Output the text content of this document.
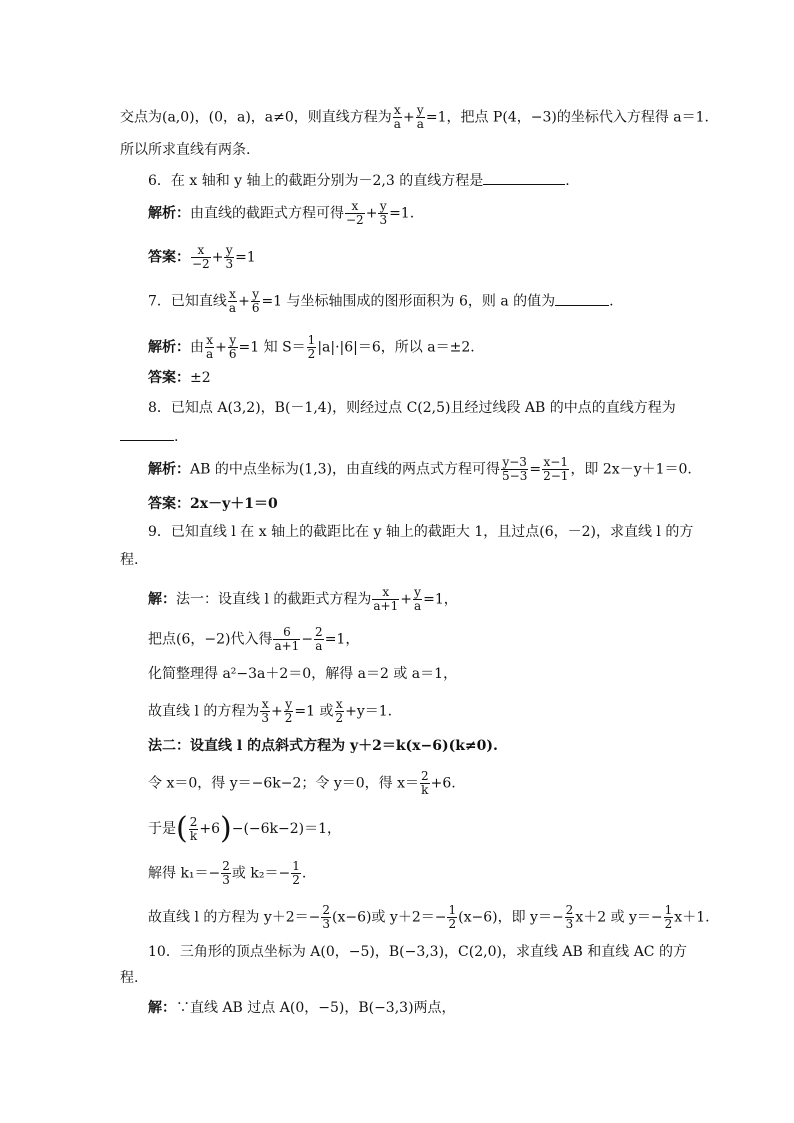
交点为(a,0)，(0，a)，a≠0，则直线方程为 $\frac{x}{a} + \frac{y}{a} =1$，把点 P(4，−3)的坐标代入方程得 a＝1.
所以所求直线有两条.
6．在 x 轴和 y 轴上的截距分别为－2,3 的直线方程是	.
解析：由直线的截距式方程可得 $\frac{x}{-2} + \frac{y}{3} =1$.
答案： $\frac{x}{-2} + \frac{y}{3} =1$
7．已知直线 $\frac{x}{a} + \frac{y}{6} =1$ 与坐标轴围成的图形面积为 6，则 a 的值为	.
解析：由 $\frac{x}{a} + \frac{y}{6} =1$ 知 $S= \frac{1}{2} |a|\cdot|6|=6$，所以 a＝±2.
答案：±2
8．已知点 A(3,2)，B(－1,4)，则经过点 C(2,5)且经过线段 AB 的中点的直线方程为
.
解析：AB 的中点坐标为(1,3)，由直线的两点式方程可得 $\frac{y-3}{5-3} = \frac{x-1}{2-1}$ ，即 2x－y＋1＝0.
答案：2x－y＋1＝0
9．已知直线 l 在 x 轴上的截距比在 y 轴上的截距大 1，且过点(6，－2)，求直线 l 的方
程.
解：法一：设直线 l 的截距式方程为 $\frac{x}{a+1} + \frac{y}{a} =1$，
把点(6，−2)代入得 $\frac{6}{a+1} - \frac{2}{a} =1$，
化简整理得 a²−3a＋2＝0，解得 a＝2 或 a＝1，
故直线 l 的方程为 $\frac{x}{3} + \frac{y}{2} =1$ 或 $\frac{x}{2} +y=1$.
法二：设直线 l 的点斜式方程为 y＋2＝k(x−6)(k≠0).
令 x＝0，得 y＝−6k−2；令 y＝0，得 $x= \frac{2}{k} +6$.
于是( $\frac{2}{k} +6)-(-6k-2)=1$，
解得 $k_1=- \frac{2}{3}$ 或 $k_2=- \frac{1}{2}$ .
故直线 l 的方程为 $y+2=- \frac{2}{3} (x-6)$或 $y+2=- \frac{1}{2} (x-6)$，即 $y=- \frac{2}{3} x+2$ 或 $y=- \frac{1}{2} x+1$.
10．三角形的顶点坐标为 A(0，−5)，B(−3,3)，C(2,0)，求直线 AB 和直线 AC 的方
程.
解：∵直线 AB 过点 A(0，−5)，B(−3,3)两点，
